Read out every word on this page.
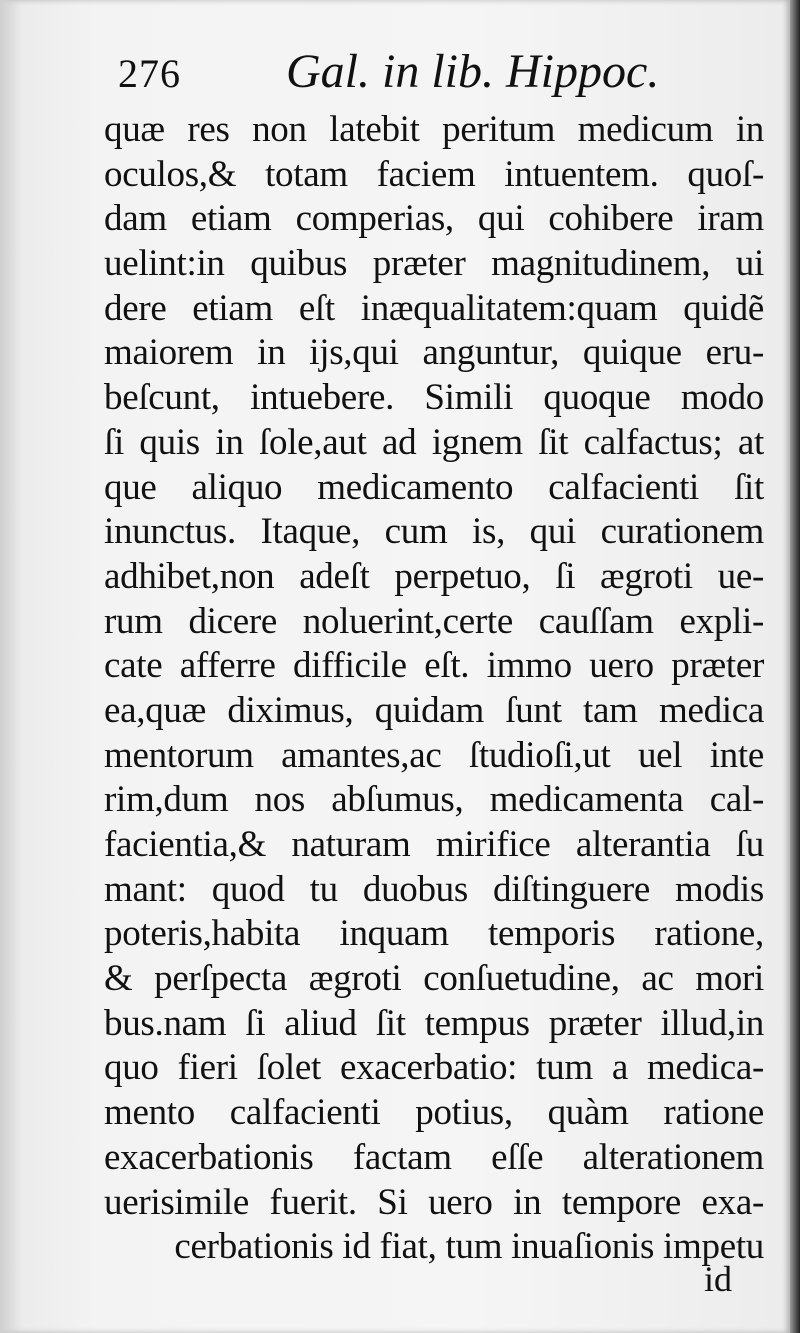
276 Gal. in lib. Hippoc.
quæ res non latebit peritum medicum in
oculos,& totam faciem intuentem. quoſ-
dam etiam comperias, qui cohibere iram
uelint:in quibus præter magnitudinem, ui
dere etiam eſt inæqualitatem:quam quidẽ
maiorem in ijs,qui anguntur, quique eru-
beſcunt, intuebere. Simili quoque modo
ſi quis in ſole,aut ad ignem ſit calfactus; at
que aliquo medicamento calfacienti ſit
inunctus. Itaque, cum is, qui curationem
adhibet,non adeſt perpetuo, ſi ægroti ue-
rum dicere noluerint,certe cauſſam expli-
cate afferre difficile eſt. immo uero præter
ea,quæ diximus, quidam ſunt tam medica
mentorum amantes,ac ſtudioſi,ut uel inte
rim,dum nos abſumus, medicamenta cal-
facientia,& naturam mirifice alterantia ſu
mant: quod tu duobus diſtinguere modis
poteris,habita inquam temporis ratione,
& perſpecta ægroti conſuetudine, ac mori
bus.nam ſi aliud ſit tempus præter illud,in
quo fieri ſolet exacerbatio: tum a medica-
mento calfacienti potius, quàm ratione
exacerbationis factam eſſe alterationem
uerisimile fuerit. Si uero in tempore exa-
cerbationis id fiat, tum inuaſionis impetu
id
